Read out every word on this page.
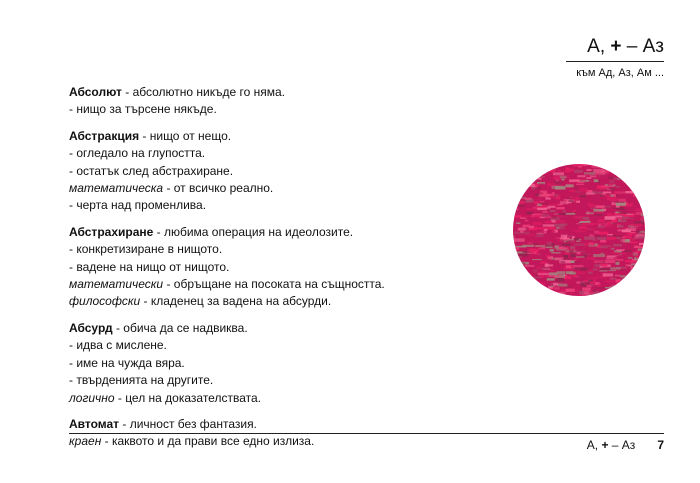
А, + – Аз
към Ад, Аз, Ам ...
Абсолют - абсолютно никъде го няма.
- нищо за търсене някъде.
Абстракция - нищо от нещо.
- огледало на глупостта.
- остатък след абстрахиране.
математическа - от всичко реално.
- черта над променлива.
Абстрахиране - любима операция на идеолозите.
- конкретизиране в нищото.
- вадене на нищо от нищото.
математически - обръщане на посоката на същността.
философски - кладенец за вадена на абсурди.
Абсурд - обича да се надвиква.
- идва с мислене.
- име на чужда вяра.
- твърденията на другите.
логично - цел на доказателствата.
Автомат - личност без фантазия.
краен - каквото и да прави все едно излиза.	А, + – Аз 7
